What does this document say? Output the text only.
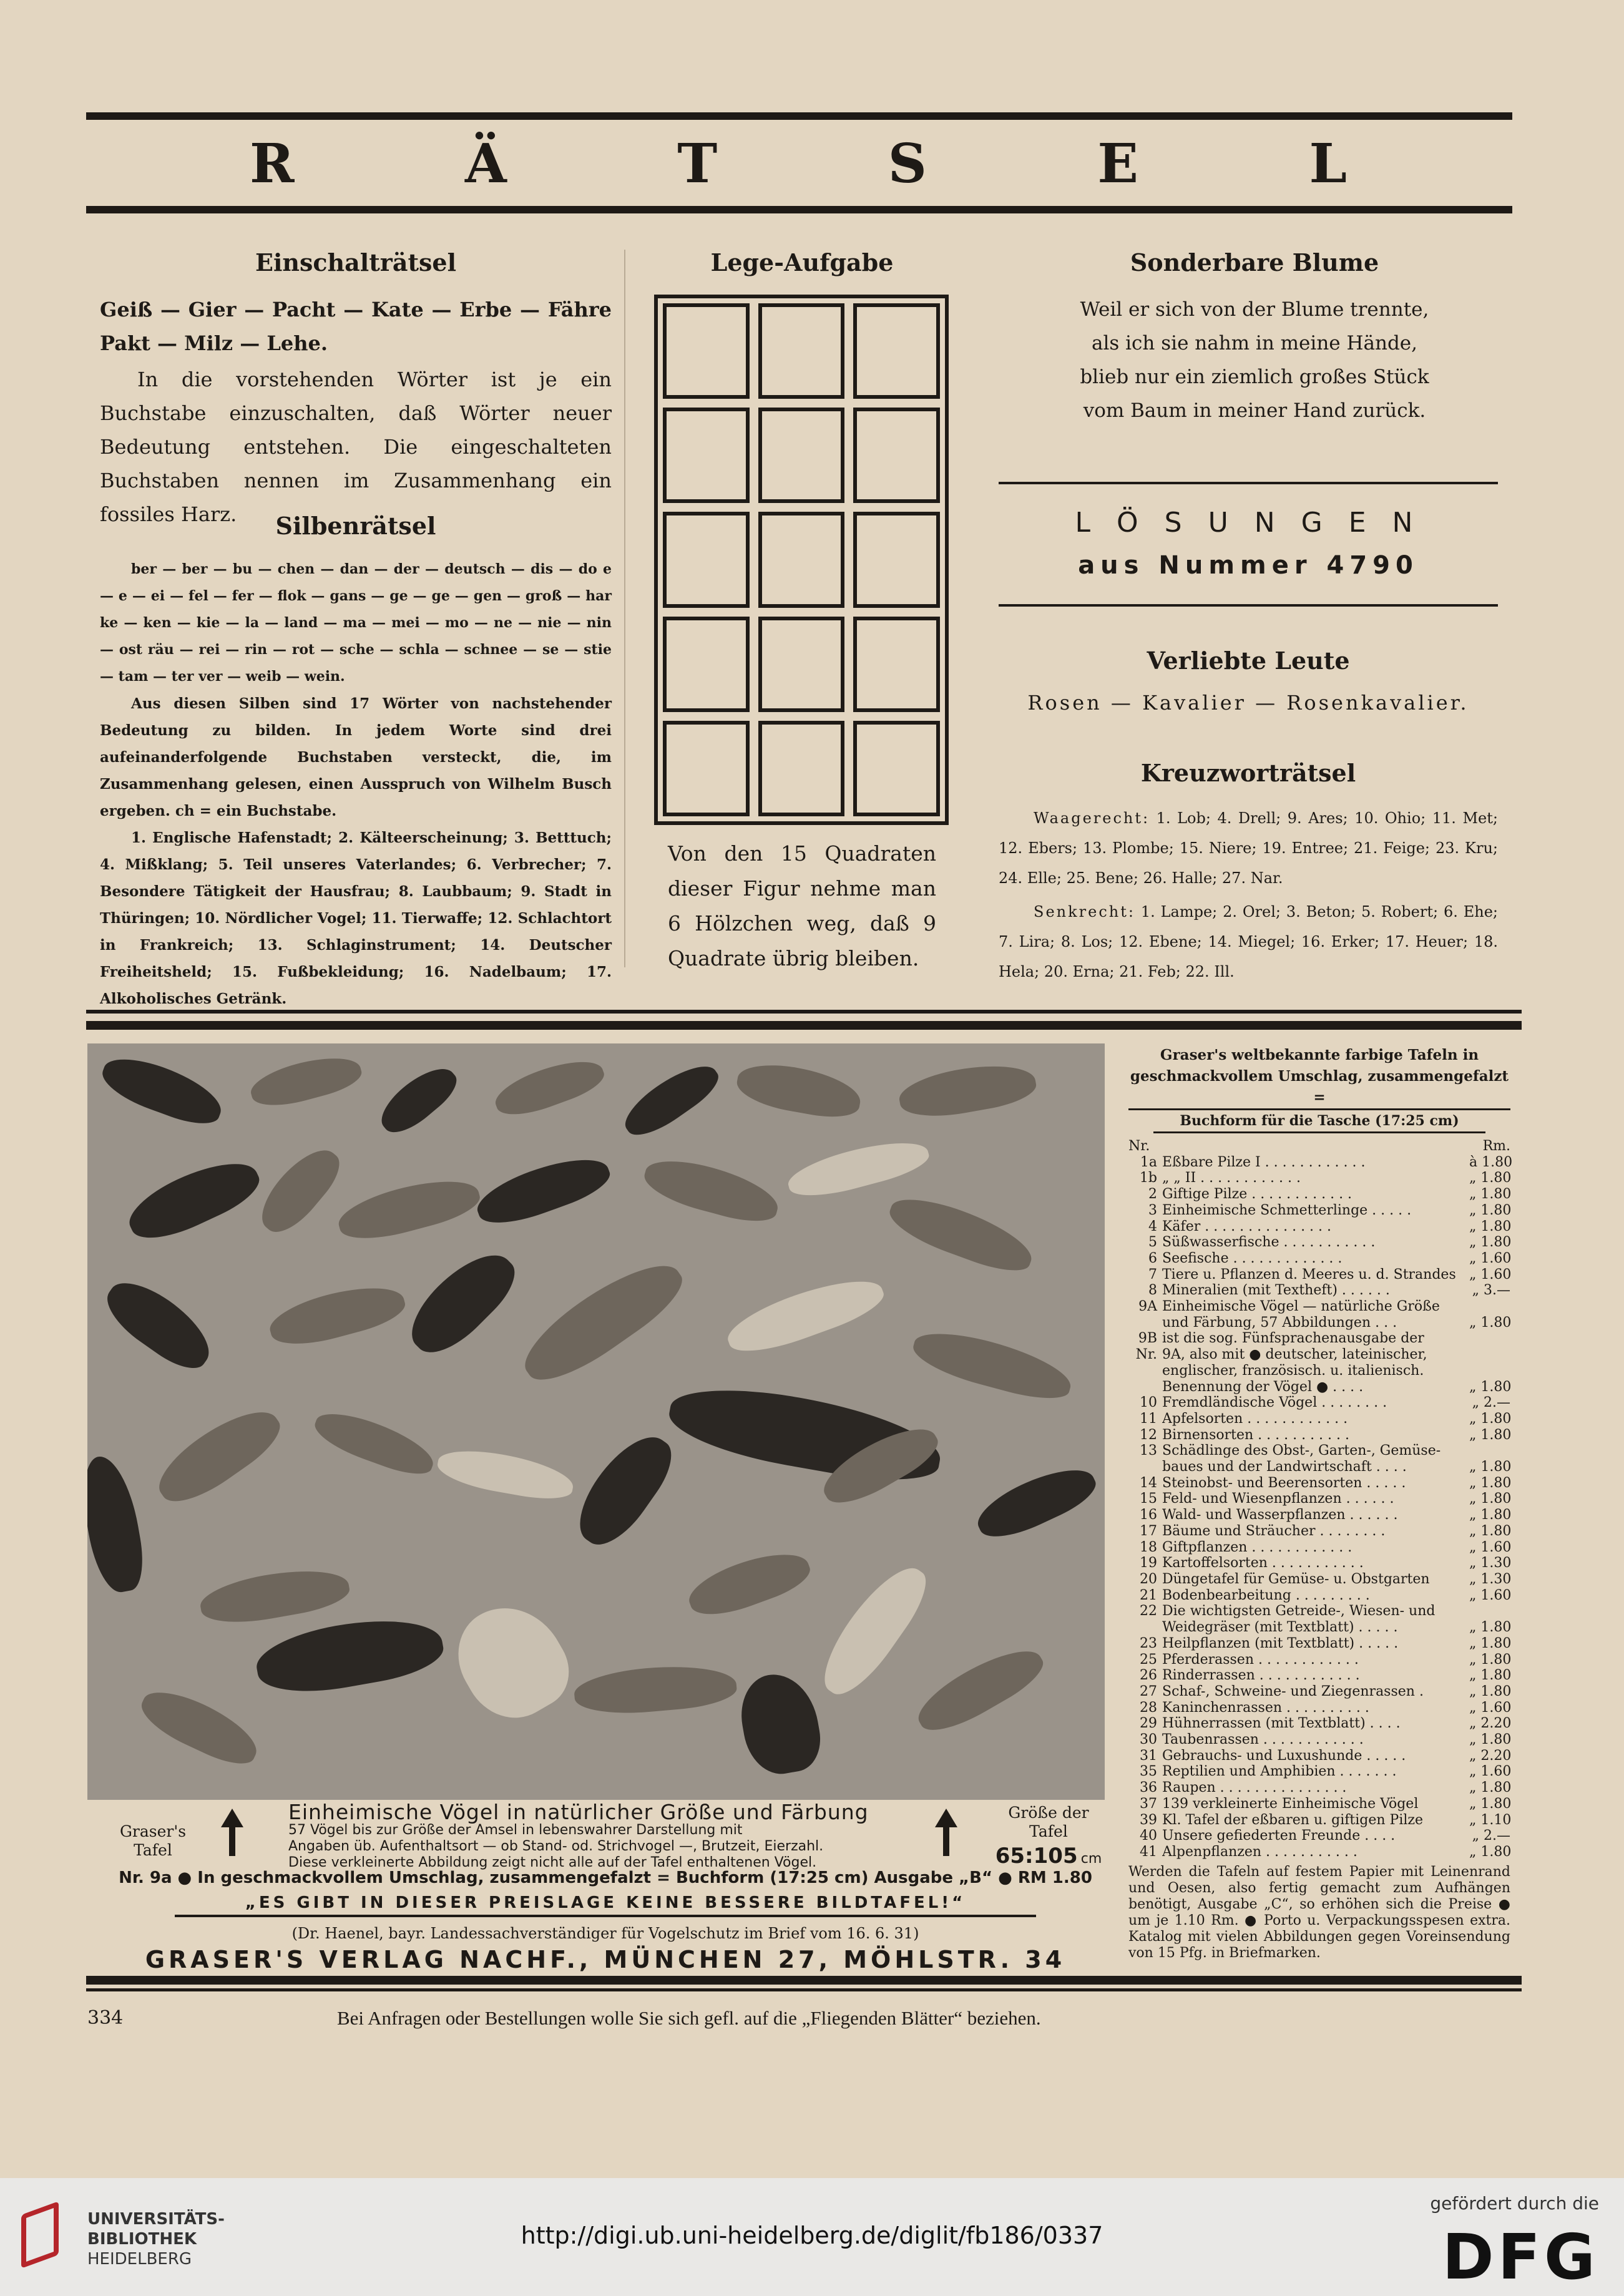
R	Ä	T	S	E	L
Einschalträtsel

Geiß — Gier — Pacht — Kate — Erbe — Fähre Pakt — Milz — Lehe.

In die vorstehenden Wörter ist je ein Buchstabe einzuschalten, daß Wörter neuer Bedeutung entstehen. Die eingeschalteten Buchstaben nennen im Zusammenhang ein fossiles Harz.	Silbenrätsel

ber — ber — bu — chen — dan — der — deutsch — dis — do e — e — ei — fel — fer — flok — gans — ge — ge — gen — groß — har ke — ken — kie — la — land — ma — mei — mo — ne — nie — nin — ost räu — rei — rin — rot — sche — schla — schnee — se — stie — tam — ter ver — weib — wein.

Aus diesen Silben sind 17 Wörter von nachstehender Bedeutung zu bilden. In jedem Worte sind drei aufeinanderfolgende Buchstaben versteckt, die, im Zusammenhang gelesen, einen Ausspruch von Wilhelm Busch ergeben. ch = ein Buchstabe.

1. Englische Hafenstadt; 2. Kälteerscheinung; 3. Betttuch; 4. Mißklang; 5. Teil unseres Vaterlandes; 6. Verbrecher; 7. Besondere Tätigkeit der Hausfrau; 8. Laubbaum; 9. Stadt in Thüringen; 10. Nördlicher Vogel; 11. Tierwaffe; 12. Schlachtort in Frankreich; 13. Schlaginstrument; 14. Deutscher Freiheitsheld; 15. Fußbekleidung; 16. Nadelbaum; 17. Alkoholisches Getränk.

Lege-Aufgabe

Von den 15 Quadraten dieser Figur nehme man 6 Hölzchen weg, daß 9 Quadrate übrig bleiben.

Sonderbare Blume

Weil er sich von der Blume trennte,

als ich sie nahm in meine Hände,

blieb nur ein ziemlich großes Stück

vom Baum in meiner Hand zurück.

L Ö S U N G E N
aus Nummer 4790
Verliebte Leute

Rosen — Kavalier — Rosenkavalier.

Kreuzworträtsel

Waagerecht: 1. Lob; 4. Drell; 9. Ares; 10. Ohio; 11. Met; 12. Ebers; 13. Plombe; 15. Niere; 19. Entree; 21. Feige; 23. Kru; 24. Elle; 25. Bene; 26. Halle; 27. Nar.

Senkrecht: 1. Lampe; 2. Orel; 3. Beton; 5. Robert; 6. Ehe; 7. Lira; 8. Los; 12. Ebene; 14. Miegel; 16. Erker; 17. Heuer; 18. Hela; 20. Erna; 21. Feb; 22. Ill.

Graser's Tafel
Einheimische Vögel in natürlicher Größe und Färbung
57 Vögel bis zur Größe der Amsel in lebenswahrer Darstellung mit
Angaben üb. Aufenthaltsort — ob Stand- od. Strichvogel —, Brutzeit, Eierzahl.
Diese verkleinerte Abbildung zeigt nicht alle auf der Tafel enthaltenen Vögel.
Größe der Tafel
65:105 cm
Nr. 9a ● In geschmackvollem Umschlag, zusammengefalzt = Buchform (17:25 cm) Ausgabe „B“ ● RM 1.80
„ES GIBT IN DIESER PREISLAGE KEINE BESSERE BILDTAFEL!“
(Dr. Haenel, bayr. Landessachverständiger für Vogelschutz im Brief vom 16. 6. 31)
GRASER'S VERLAG NACHF., MÜNCHEN 27, MÖHLSTR. 34
Graser's weltbekannte farbige Tafeln in
geschmackvollem Umschlag, zusammengefalzt =
Buchform für die Tasche (17:25 cm)
Nr.	Rm.
1a Eßbare Pilze I . . . . . . . . . . . .	à 1.80
1b „ „ II . . . . . . . . . . . .	„ 1.80
2 Giftige Pilze . . . . . . . . . . . .	„ 1.80
3 Einheimische Schmetterlinge . . . . .	„ 1.80
4 Käfer . . . . . . . . . . . . . . .	„ 1.80
5 Süßwasserfische . . . . . . . . . . .	„ 1.80
6 Seefische . . . . . . . . . . . . .	„ 1.60
7 Tiere u. Pflanzen d. Meeres u. d. Strandes „ 1.60
8 Mineralien (mit Textheft) . . . . . .	„ 3.—
9A Einheimische Vögel — natürliche Größe
und Färbung, 57 Abbildungen . . .	„ 1.80
9B ist die sog. Fünfsprachenausgabe der
Nr. 9A, also mit ● deutscher, lateinischer,
englischer, französisch. u. italienisch.
Benennung der Vögel ● . . . .	„ 1.80
10 Fremdländische Vögel . . . . . . . .	„ 2.—
11 Apfelsorten . . . . . . . . . . . .	„ 1.80
12 Birnensorten . . . . . . . . . . .	„ 1.80
13 Schädlinge des Obst-, Garten-, Gemüse-
baues und der Landwirtschaft . . . .	„ 1.80
14 Steinobst- und Beerensorten . . . . .	„ 1.80
15 Feld- und Wiesenpflanzen . . . . . .	„ 1.80
16 Wald- und Wasserpflanzen . . . . . .	„ 1.80
17 Bäume und Sträucher . . . . . . . .	„ 1.80
18 Giftpflanzen . . . . . . . . . . . .	„ 1.60
19 Kartoffelsorten . . . . . . . . . . .	„ 1.30
20 Düngetafel für Gemüse- u. Obstgarten	„ 1.30
21 Bodenbearbeitung . . . . . . . . .	„ 1.60
22 Die wichtigsten Getreide-, Wiesen- und
Weidegräser (mit Textblatt) . . . . .	„ 1.80
23 Heilpflanzen (mit Textblatt) . . . . .	„ 1.80
25 Pferderassen . . . . . . . . . . . .	„ 1.80
26 Rinderrassen . . . . . . . . . . . .	„ 1.80
27 Schaf-, Schweine- und Ziegenrassen .	„ 1.80
28 Kaninchenrassen . . . . . . . . . .	„ 1.60
29 Hühnerrassen (mit Textblatt) . . . .	„ 2.20
30 Taubenrassen . . . . . . . . . . . .	„ 1.80
31 Gebrauchs- und Luxushunde . . . . .	„ 2.20
35 Reptilien und Amphibien . . . . . . .	„ 1.60
36 Raupen . . . . . . . . . . . . . . .	„ 1.80
37 139 verkleinerte Einheimische Vögel	„ 1.80
39 Kl. Tafel der eßbaren u. giftigen Pilze	„ 1.10
40 Unsere gefiederten Freunde . . . .	„ 2.—
41 Alpenpflanzen . . . . . . . . . . .	„ 1.80
Werden die Tafeln auf festem Papier mit Leinenrand und Oesen, also fertig gemacht zum Aufhängen benötigt, Ausgabe „C“, so erhöhen sich die Preise ● um je 1.10 Rm. ● Porto u. Verpackungsspesen extra. Katalog mit vielen Abbildungen gegen Voreinsendung von 15 Pfg. in Briefmarken.
334	Bei Anfragen oder Bestellungen wolle Sie sich gefl. auf die „Fliegenden Blätter“ beziehen.
UNIVERSITÄTS-
BIBLIOTHEK
HEIDELBERG
http://digi.ub.uni-heidelberg.de/diglit/fb186/0337
gefördert durch die
DFG
